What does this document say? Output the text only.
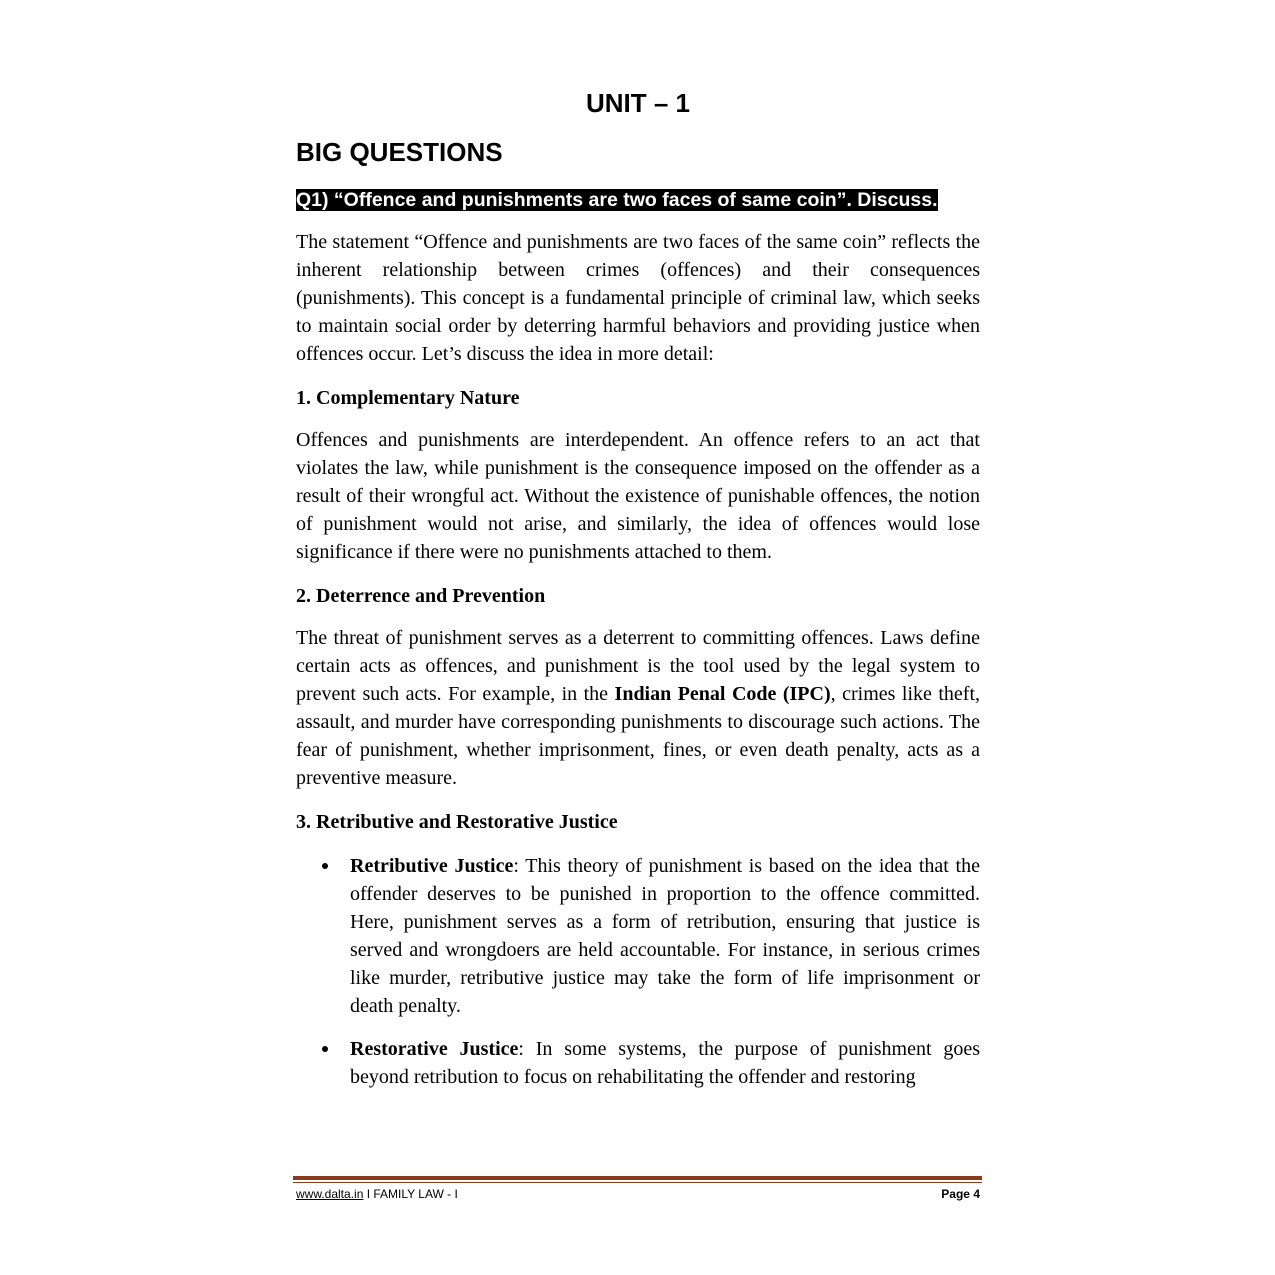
UNIT – 1
BIG QUESTIONS

Q1) “Offence and punishments are two faces of same coin”. Discuss.

The statement “Offence and punishments are two faces of the same coin” reflects the inherent relationship between crimes (offences) and their consequences (punishments). This concept is a fundamental principle of criminal law, which seeks to maintain social order by deterring harmful behaviors and providing justice when offences occur. Let’s discuss the idea in more detail:

1. Complementary Nature

Offences and punishments are interdependent. An offence refers to an act that violates the law, while punishment is the consequence imposed on the offender as a result of their wrongful act. Without the existence of punishable offences, the notion of punishment would not arise, and similarly, the idea of offences would lose significance if there were no punishments attached to them.

2. Deterrence and Prevention

The threat of punishment serves as a deterrent to committing offences. Laws define certain acts as offences, and punishment is the tool used by the legal system to prevent such acts. For example, in the Indian Penal Code (IPC), crimes like theft, assault, and murder have corresponding punishments to discourage such actions. The fear of punishment, whether imprisonment, fines, or even death penalty, acts as a preventive measure.

3. Retributive and Restorative Justice

Retributive Justice: This theory of punishment is based on the idea that the offender deserves to be punished in proportion to the offence committed. Here, punishment serves as a form of retribution, ensuring that justice is served and wrongdoers are held accountable. For instance, in serious crimes like murder, retributive justice may take the form of life imprisonment or death penalty.
Restorative Justice: In some systems, the purpose of punishment goes beyond retribution to focus on rehabilitating the offender and restoring
www.dalta.in I FAMILY LAW - I	Page 4
